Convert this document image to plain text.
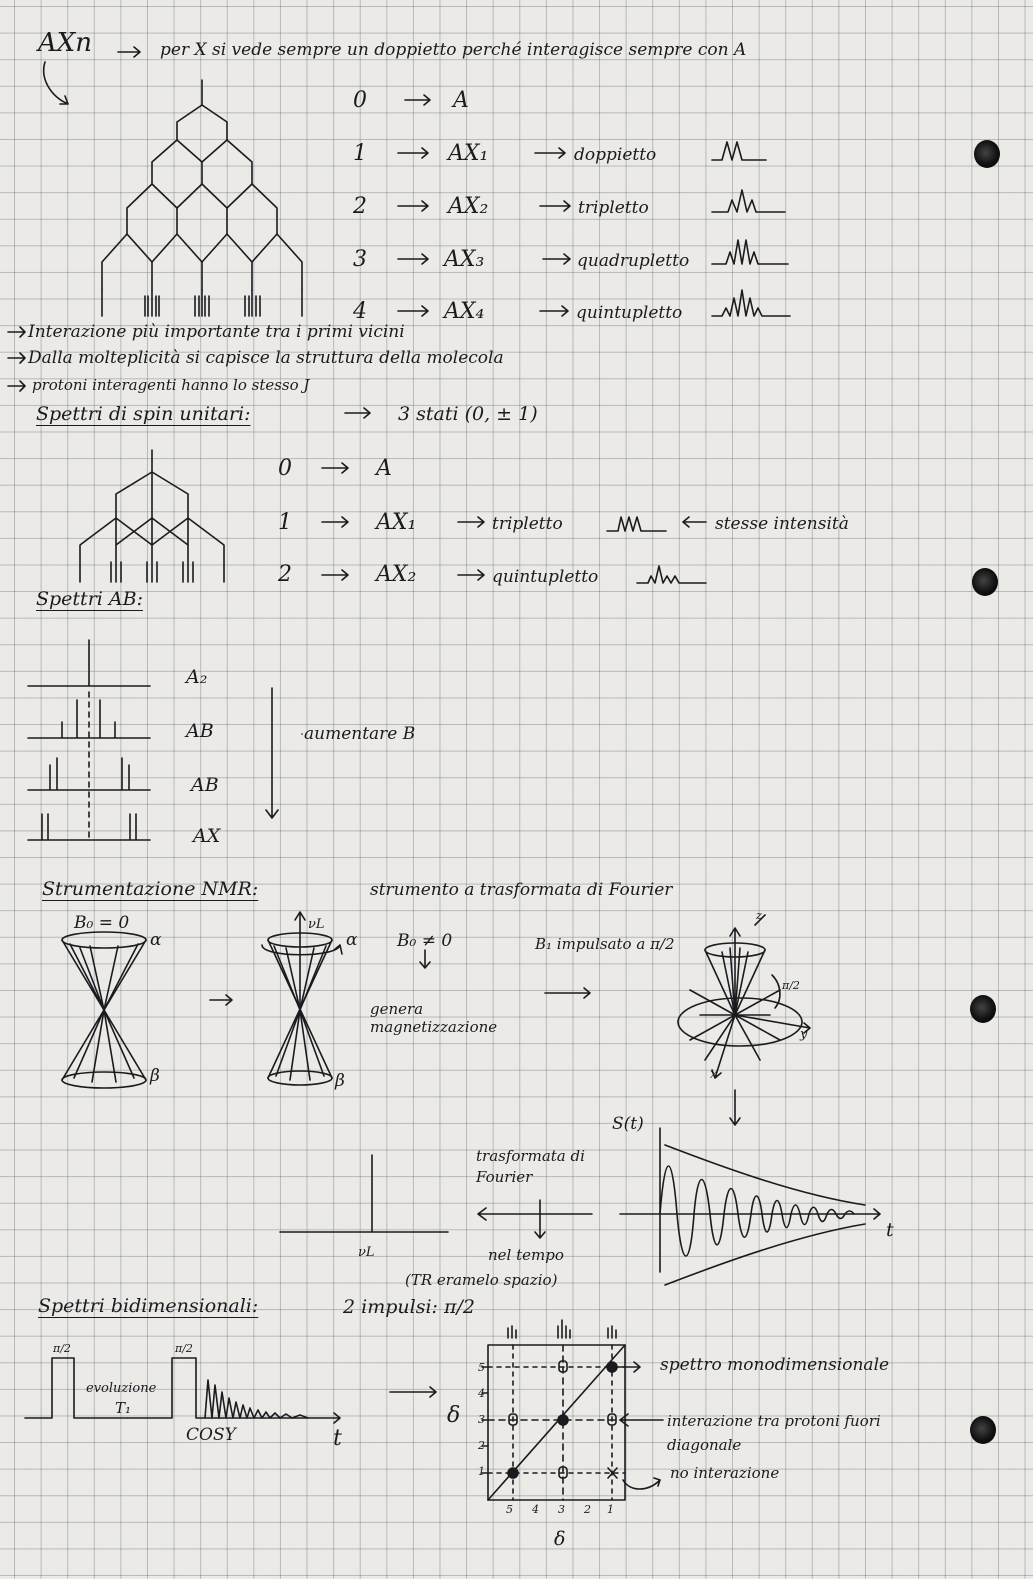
AXn	per X si vede sempre un doppietto perché interagisce sempre con A
0	A
1	AX₁	doppietto
2	AX₂	tripletto
3	AX₃	quadrupletto
4	AX₄	quintupletto
Interazione più importante tra i primi vicini
Dalla molteplicità si capisce la struttura della molecola
protoni interagenti hanno lo stesso J
Spettri di spin unitari:	3 stati (0, ± 1)
0	A
1	AX₁	tripletto	stesse intensità
2	AX₂	quintupletto
Spettri AB:
A₂
AB
AB
AX
aumentare B
Strumentazione NMR:	strumento a trasformata di Fourier
B₀ = 0
α
β
α
β
νL
B₀ ≠ 0
genera magnetizzazione
B₁ impulsato a π/2
z
x
y
π/2
νL
S(t)
t
trasformata di Fourier
nel tempo
(TR eramelo spazio)
Spettri bidimensionali:	2 impulsi: π/2
π/2	π/2
evoluzione
T₁
COSY	t
δ
δ
5
4
3
2
1
5 4 3 2 1
spettro monodimensionale
interazione tra protoni fuori diagonale
no interazione
